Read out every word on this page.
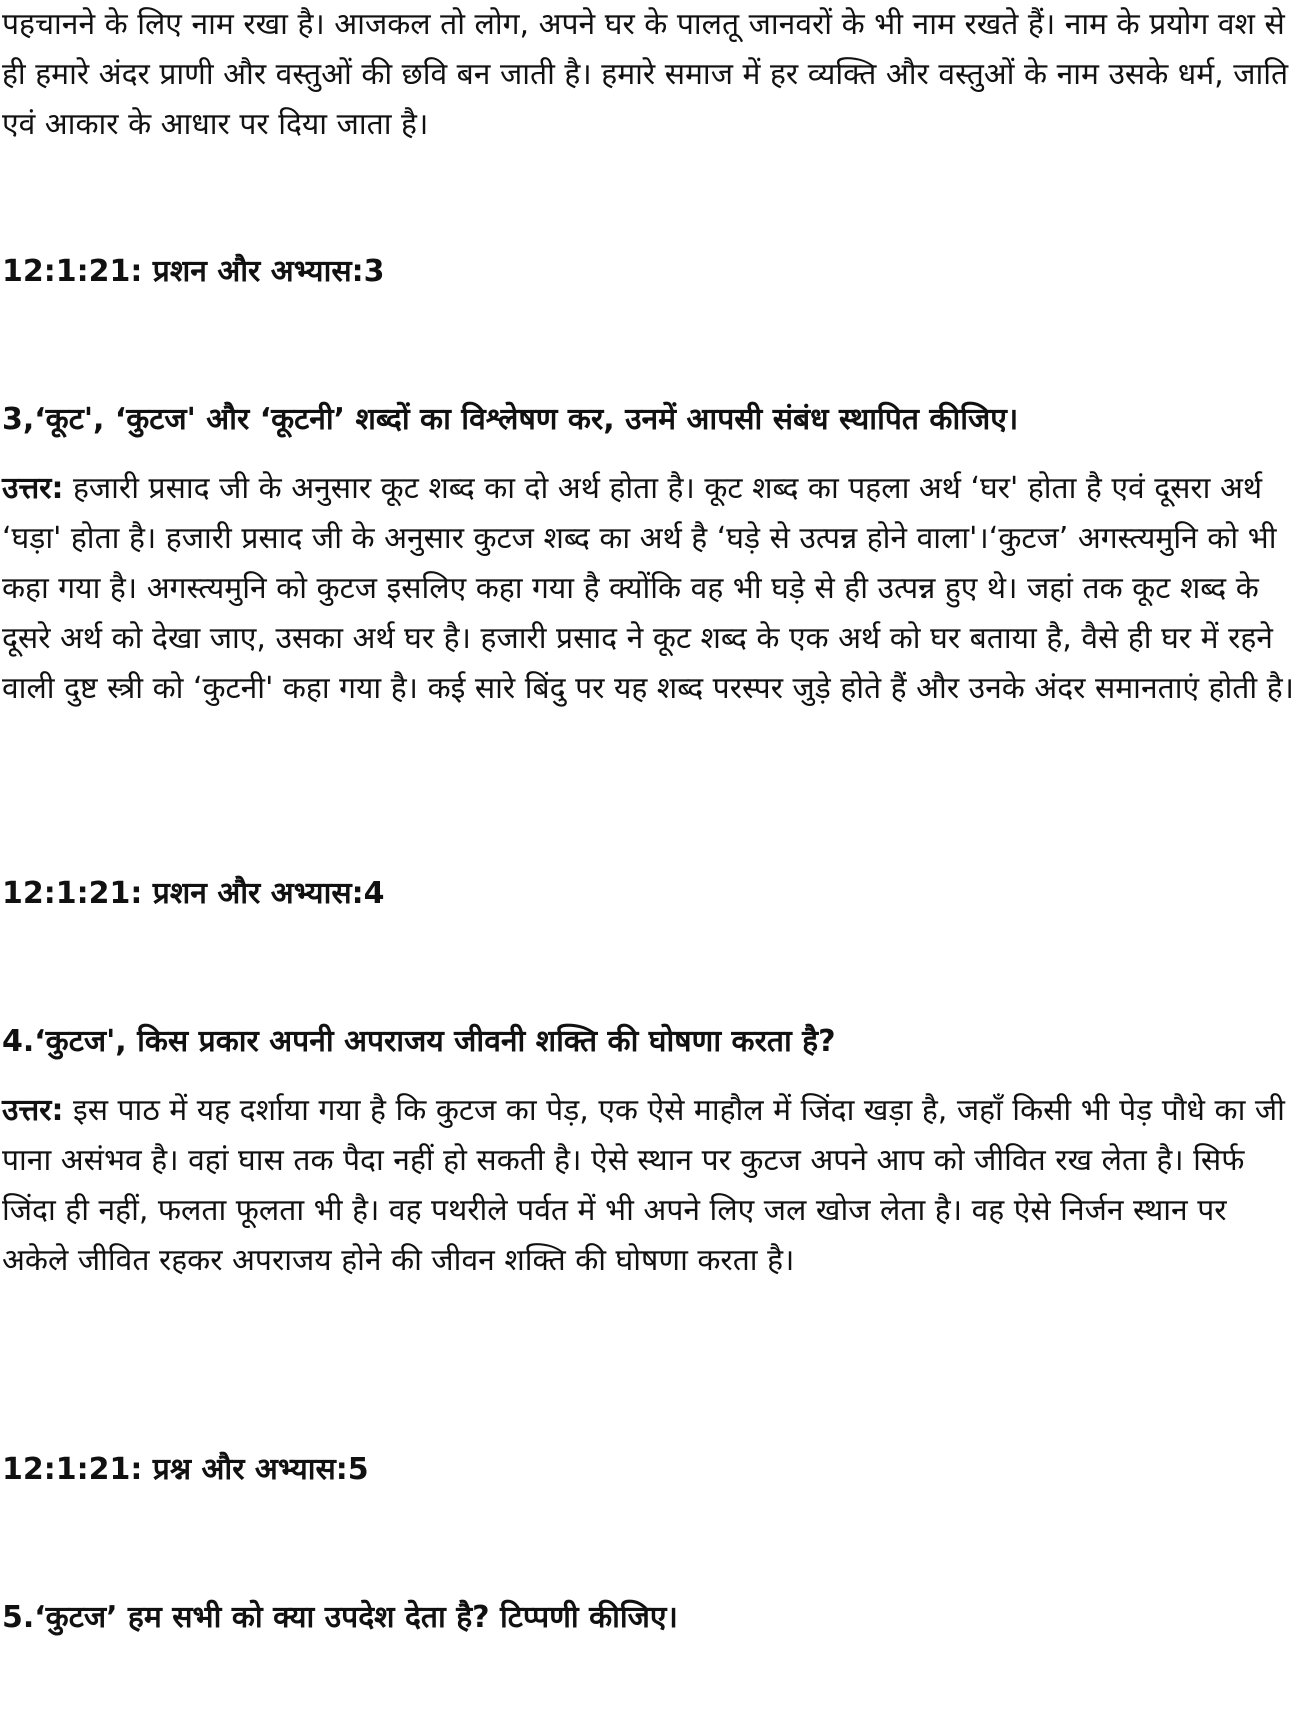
पहचानने के लिए नाम रखा है। आजकल तो लोग, अपने घर के पालतू जानवरों के भी नाम रखते हैं। नाम के प्रयोग वश से ही हमारे अंदर प्राणी और वस्तुओं की छवि बन जाती है। हमारे समाज में हर व्यक्ति और वस्तुओं के नाम उसके धर्म, जाति एवं आकार के आधार पर दिया जाता है।

12:1:21: प्रशन और अभ्यास:3
3,‘कूट', ‘कुटज' और ‘कूटनी’ शब्दों का विश्लेषण कर, उनमें आपसी संबंध स्थापित कीजिए।

उत्तर: हजारी प्रसाद जी के अनुसार कूट शब्द का दो अर्थ होता है। कूट शब्द का पहला अर्थ ‘घर' होता है एवं दूसरा अर्थ ‘घड़ा' होता है। हजारी प्रसाद जी के अनुसार कुटज शब्द का अर्थ है ‘घड़े से उत्पन्न होने वाला'।‘कुटज’ अगस्त्यमुनि को भी कहा गया है। अगस्त्यमुनि को कुटज इसलिए कहा गया है क्योंकि वह भी घड़े से ही उत्पन्न हुए थे। जहां तक कूट शब्द के दूसरे अर्थ को देखा जाए, उसका अर्थ घर है। हजारी प्रसाद ने कूट शब्द के एक अर्थ को घर बताया है, वैसे ही घर में रहने वाली दुष्ट स्त्री को ‘कुटनी' कहा गया है। कई सारे बिंदु पर यह शब्द परस्पर जुड़े होते हैं और उनके अंदर समानताएं होती है।

12:1:21: प्रशन और अभ्यास:4
4.‘कुटज', किस प्रकार अपनी अपराजय जीवनी शक्ति की घोषणा करता है?

उत्तर: इस पाठ में यह दर्शाया गया है कि कुटज का पेड़, एक ऐसे माहौल में जिंदा खड़ा है, जहाँ किसी भी पेड़ पौधे का जी पाना असंभव है। वहां घास तक पैदा नहीं हो सकती है। ऐसे स्थान पर कुटज अपने आप को जीवित रख लेता है। सिर्फ जिंदा ही नहीं, फलता फूलता भी है। वह पथरीले पर्वत में भी अपने लिए जल खोज लेता है। वह ऐसे निर्जन स्थान पर अकेले जीवित रहकर अपराजय होने की जीवन शक्ति की घोषणा करता है।

12:1:21: प्रश्न और अभ्यास:5
5.‘कुटज’ हम सभी को क्या उपदेश देता है? टिप्पणी कीजिए।
